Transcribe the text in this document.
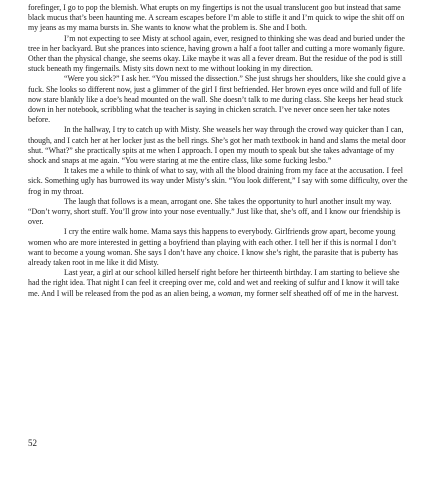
forefinger, I go to pop the blemish. What erupts on my fingertips is not the usual translucent goo but instead that same black mucus that’s been haunting me. A scream escapes before I’m able to stifle it and I’m quick to wipe the shit off on my jeans as my mama bursts in. She wants to know what the problem is. She and I both.

I’m not expecting to see Misty at school again, ever, resigned to thinking she was dead and buried under the tree in her backyard. But she prances into science, having grown a half a foot taller and cutting a more womanly figure. Other than the physical change, she seems okay. Like maybe it was all a fever dream. But the residue of the pod is still stuck beneath my fingernails. Misty sits down next to me without looking in my direction.

“Were you sick?” I ask her. “You missed the dissection.” She just shrugs her shoulders, like she could give a fuck. She looks so different now, just a glimmer of the girl I first befriended. Her brown eyes once wild and full of life now stare blankly like a doe’s head mounted on the wall. She doesn’t talk to me during class. She keeps her head stuck down in her notebook, scribbling what the teacher is saying in chicken scratch. I’ve never once seen her take notes before.

In the hallway, I try to catch up with Misty. She weasels her way through the crowd way quicker than I can, though, and I catch her at her locker just as the bell rings. She’s got her math textbook in hand and slams the metal door shut. “What?” she practically spits at me when I approach. I open my mouth to speak but she takes advantage of my shock and snaps at me again. “You were staring at me the entire class, like some fucking lesbo.”

It takes me a while to think of what to say, with all the blood draining from my face at the accusation. I feel sick. Something ugly has burrowed its way under Misty’s skin. “You look different,” I say with some difficulty, over the frog in my throat.

The laugh that follows is a mean, arrogant one. She takes the opportunity to hurl another insult my way. “Don’t worry, short stuff. You’ll grow into your nose eventually.” Just like that, she’s off, and I know our friendship is over.

I cry the entire walk home. Mama says this happens to everybody. Girlfriends grow apart, become young women who are more interested in getting a boyfriend than playing with each other. I tell her if this is normal I don’t want to become a young woman. She says I don’t have any choice. I know she’s right, the parasite that is puberty has already taken root in me like it did Misty.

Last year, a girl at our school killed herself right before her thirteenth birthday. I am starting to believe she had the right idea. That night I can feel it creeping over me, cold and wet and reeking of sulfur and I know it will take me. And I will be released from the pod as an alien being, a woman, my former self sheathed off of me in the harvest.

52
